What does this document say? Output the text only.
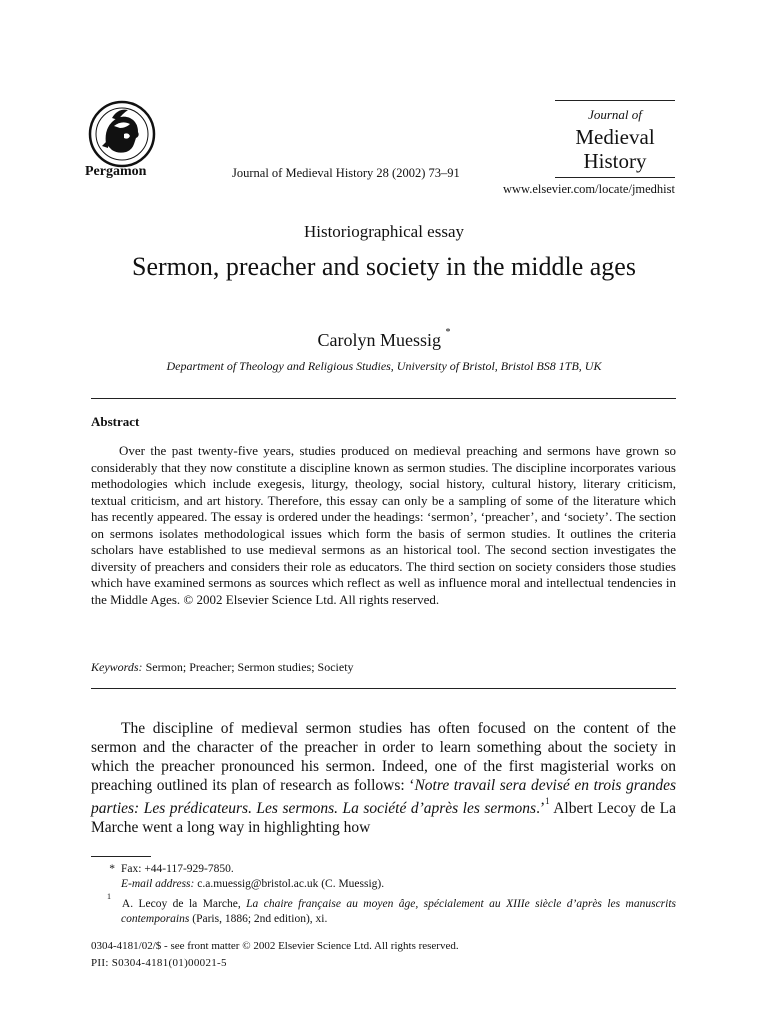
Pergamon	Journal of Medieval History 28 (2002) 73–91
Journal of
Medieval
History
www.elsevier.com/locate/jmedhist
Historiographical essay
Sermon, preacher and society in the middle ages
Carolyn Muessig *
Department of Theology and Religious Studies, University of Bristol, Bristol BS8 1TB, UK
Abstract
Over the past twenty-five years, studies produced on medieval preaching and sermons have grown so considerably that they now constitute a discipline known as sermon studies. The discipline incorporates various methodologies which include exegesis, liturgy, theology, social history, cultural history, literary criticism, textual criticism, and art history. Therefore, this essay can only be a sampling of some of the literature which has recently appeared. The essay is ordered under the headings: ‘sermon’, ‘preacher’, and ‘society’. The section on sermons isolates methodological issues which form the basis of sermon studies. It outlines the criteria scholars have established to use medieval sermons as an historical tool. The second section investigates the diversity of preachers and considers their role as educators. The third section on society considers those studies which have examined sermons as sources which reflect as well as influence moral and intellectual tendencies in the Middle Ages. © 2002 Elsevier Science Ltd. All rights reserved.
Keywords: Sermon; Preacher; Sermon studies; Society
The discipline of medieval sermon studies has often focused on the content of the sermon and the character of the preacher in order to learn something about the society in which the preacher pronounced his sermon. Indeed, one of the first magisterial works on preaching outlined its plan of research as follows: ‘Notre travail sera devisé en trois grandes parties: Les prédicateurs. Les sermons. La société d’après les sermons.’$^1$ Albert Lecoy de La Marche went a long way in highlighting how
* Fax: +44-117-929-7850.
E-mail address: c.a.muessig@bristol.ac.uk (C. Muessig).
$^1$  A. Lecoy de la Marche, La chaire française au moyen âge, spécialement au XIIIe siècle d’après les manuscrits contemporains (Paris, 1886; 2nd edition), xi.
0304-4181/02/$ - see front matter © 2002 Elsevier Science Ltd. All rights reserved.
PII: S0304-4181(01)00021-5
